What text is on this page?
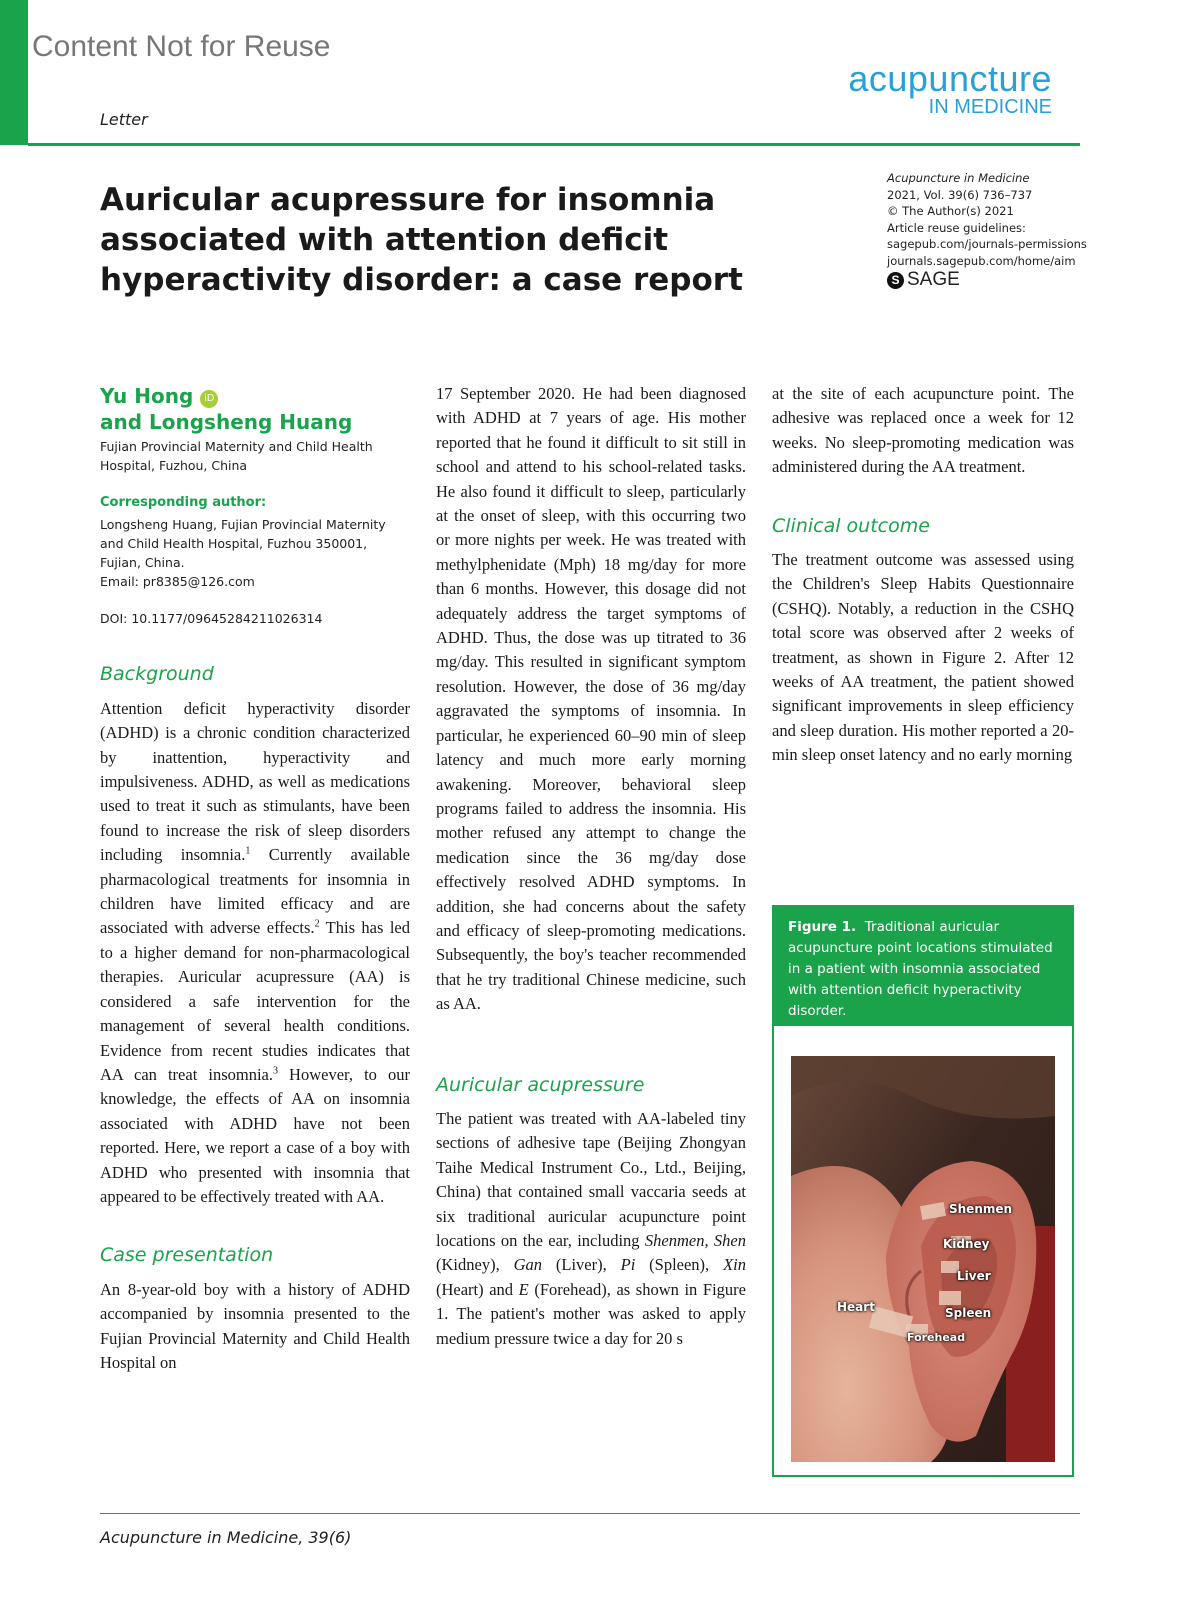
Content Not for Reuse
acupuncture
IN MEDICINE
Letter
Auricular acupressure for insomnia associated with attention deficit hyperactivity disorder: a case report
Acupuncture in Medicine
2021, Vol. 39(6) 736–737
© The Author(s) 2021
Article reuse guidelines:
sagepub.com/journals-permissions
journals.sagepub.com/home/aim
S SAGE
Yu Hong iD
and Longsheng Huang
Fujian Provincial Maternity and Child Health Hospital, Fuzhou, China
Corresponding author:
Longsheng Huang, Fujian Provincial Maternity
and Child Health Hospital, Fuzhou 350001,
Fujian, China.
Email: pr8385@126.com
DOI: 10.1177/09645284211026314
Background

Attention deficit hyperactivity disorder (ADHD) is a chronic condition characterized by inattention, hyperactivity and impulsiveness. ADHD, as well as medications used to treat it such as stimulants, have been found to increase the risk of sleep disorders including insomnia.$^1$ Currently available pharmacological treatments for insomnia in children have limited efficacy and are associated with adverse effects.$^2$ This has led to a higher demand for non-pharmacological therapies. Auricular acupressure (AA) is considered a safe intervention for the management of several health conditions. Evidence from recent studies indicates that AA can treat insomnia.$^3$ However, to our knowledge, the effects of AA on insomnia associated with ADHD have not been reported. Here, we report a case of a boy with ADHD who presented with insomnia that appeared to be effectively treated with AA.

Case presentation

An 8-year-old boy with a history of ADHD accompanied by insomnia presented to the Fujian Provincial Maternity and Child Health Hospital on

17 September 2020. He had been diagnosed with ADHD at 7 years of age. His mother reported that he found it difficult to sit still in school and attend to his school-related tasks. He also found it difficult to sleep, particularly at the onset of sleep, with this occurring two or more nights per week. He was treated with methylphenidate (Mph) 18 mg/day for more than 6 months. However, this dosage did not adequately address the target symptoms of ADHD. Thus, the dose was up titrated to 36 mg/day. This resulted in significant symptom resolution. However, the dose of 36 mg/day aggravated the symptoms of insomnia. In particular, he experienced 60–90 min of sleep latency and much more early morning awakening. Moreover, behavioral sleep programs failed to address the insomnia. His mother refused any attempt to change the medication since the 36 mg/day dose effectively resolved ADHD symptoms. In addition, she had concerns about the safety and efficacy of sleep-promoting medications. Subsequently, the boy's teacher recommended that he try traditional Chinese medicine, such as AA.

Auricular acupressure

The patient was treated with AA-labeled tiny sections of adhesive tape (Beijing Zhongyan Taihe Medical Instrument Co., Ltd., Beijing, China) that contained small vaccaria seeds at six traditional auricular acupuncture point locations on the ear, including Shenmen, Shen (Kidney), Gan (Liver), Pi (Spleen), Xin (Heart) and E (Forehead), as shown in Figure 1. The patient's mother was asked to apply medium pressure twice a day for 20 s

at the site of each acupuncture point. The adhesive was replaced once a week for 12 weeks. No sleep-promoting medication was administered during the AA treatment.

Clinical outcome

The treatment outcome was assessed using the Children's Sleep Habits Questionnaire (CSHQ). Notably, a reduction in the CSHQ total score was observed after 2 weeks of treatment, as shown in Figure 2. After 12 weeks of AA treatment, the patient showed significant improvements in sleep efficiency and sleep duration. His mother reported a 20-min sleep onset latency and no early morning

Figure 1. Traditional auricular acupuncture point locations stimulated in a patient with insomnia associated with attention deficit hyperactivity disorder.
Shenmen
Kidney
Liver
Heart	Spleen
Forehead
Acupuncture in Medicine, 39(6)
